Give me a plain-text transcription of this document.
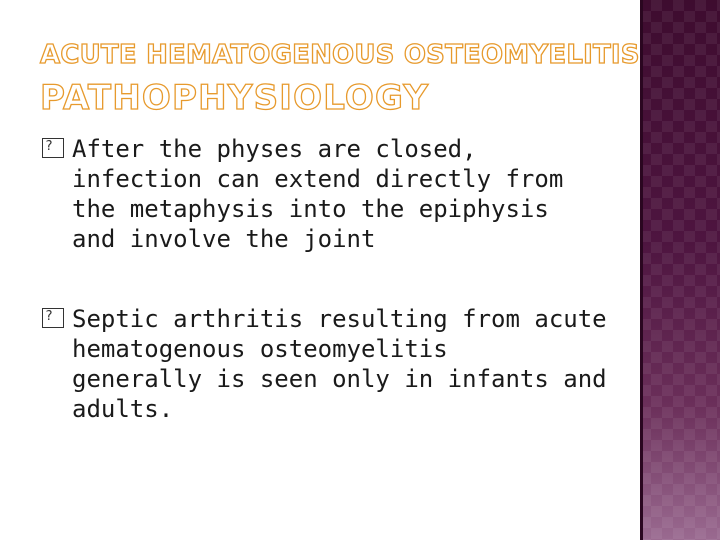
ACUTE HEMATOGENOUS OSTEOMYELITIS
PATHOPHYSIOLOGY
?
After the physes are closed,
infection can extend directly from
the metaphysis into the epiphysis
and involve the joint
?
Septic arthritis resulting from acute
hematogenous osteomyelitis
generally is seen only in infants and
adults.
